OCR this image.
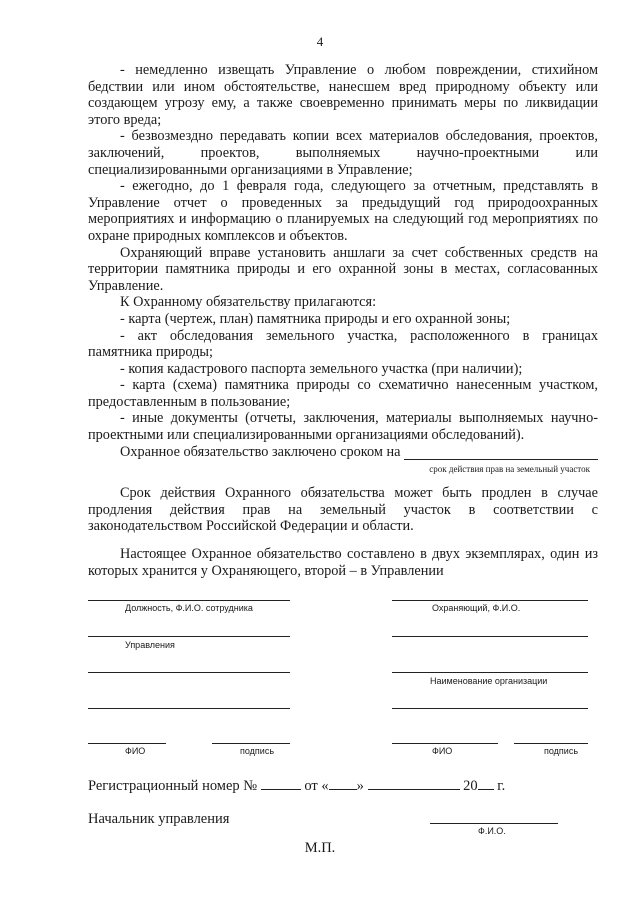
4

- немедленно извещать Управление о любом повреждении, стихийном бедствии или ином обстоятельстве, нанесшем вред природному объекту или создающем угрозу ему, а также своевременно принимать меры по ликвидации этого вреда;

- безвозмездно передавать копии всех материалов обследования, проектов, заключений, проектов, выполняемых научно-проектными или специализированными организациями в Управление;

- ежегодно, до 1 февраля года, следующего за отчетным, представлять в Управление отчет о проведенных за предыдущий год природоохранных мероприятиях и информацию о планируемых на следующий год мероприятиях по охране природных комплексов и объектов.

Охраняющий вправе установить аншлаги за счет собственных средств на территории памятника природы и его охранной зоны в местах, согласованных Управление.

К Охранному обязательству прилагаются:

- карта (чертеж, план) памятника природы и его охранной зоны;

- акт обследования земельного участка, расположенного в границах памятника природы;

- копия кадастрового паспорта земельного участка (при наличии);

- карта (схема) памятника природы со схематично нанесенным участком, предоставленным в пользование;

- иные документы (отчеты, заключения, материалы выполняемых научно-проектными или специализированными организациями обследований).

Охранное обязательство заключено сроком на
срок действия прав на земельный участок

Срок действия Охранного обязательства может быть продлен в случае продления действия прав на земельный участок в соответствии с законодательством Российской Федерации и области.

Настоящее Охранное обязательство составлено в двух экземплярах, один из которых хранится у Охраняющего, второй – в Управлении

Должность, Ф.И.О. сотрудника
Управления
ФИО	подпись
Охраняющий, Ф.И.О.
Наименование организации
ФИО	подпись
Регистрационный номер №	от « »	20 г.
Начальник управления
Ф.И.О.
М.П.
